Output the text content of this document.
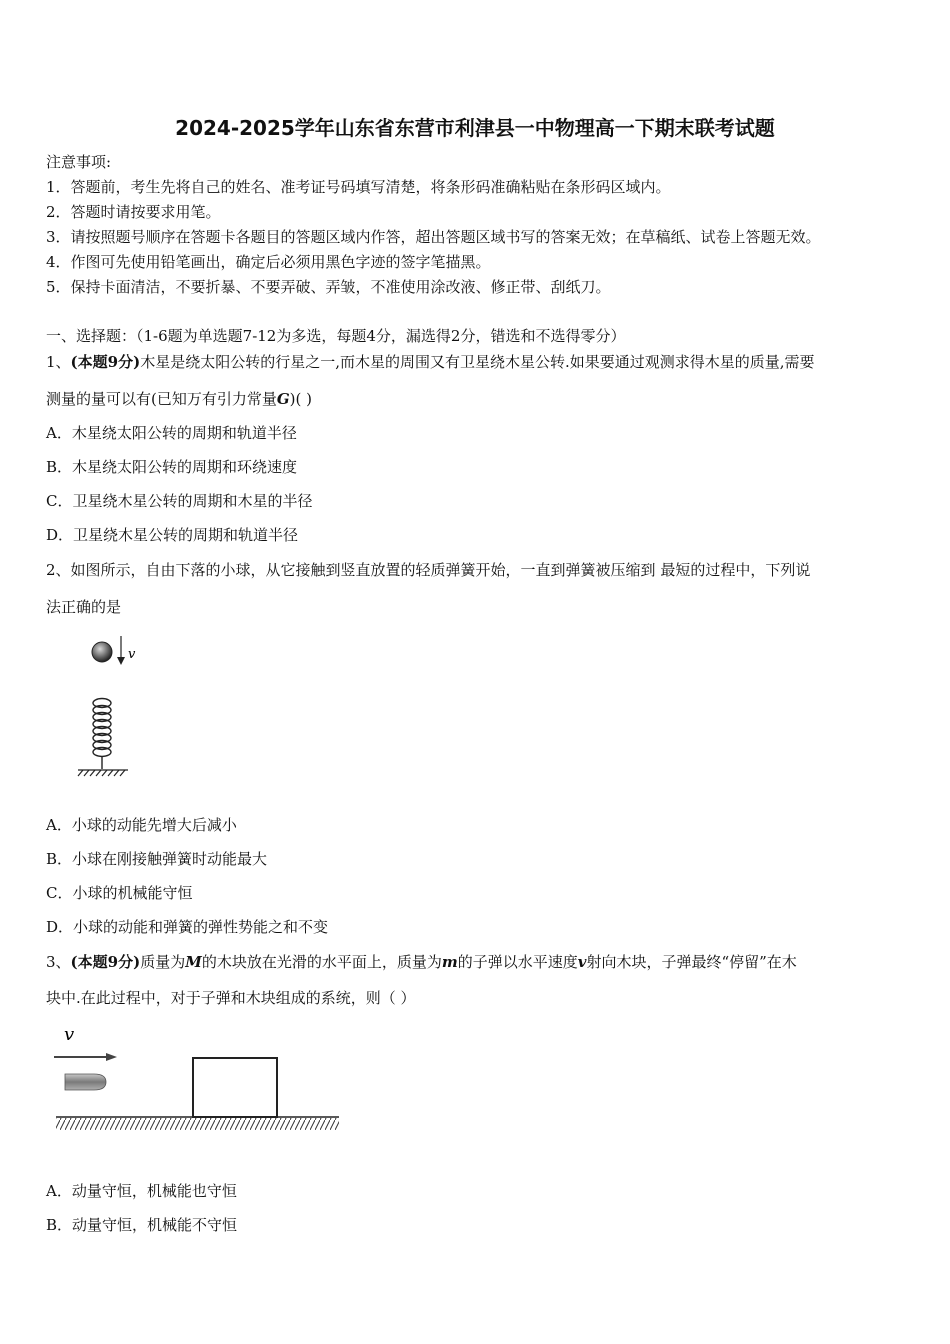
2024-2025学年山东省东营市利津县一中物理高一下期末联考试题
注意事项:
1．答题前，考生先将自己的姓名、准考证号码填写清楚，将条形码准确粘贴在条形码区域内。
2．答题时请按要求用笔。
3．请按照题号顺序在答题卡各题目的答题区域内作答，超出答题区域书写的答案无效；在草稿纸、试卷上答题无效。
4．作图可先使用铅笔画出，确定后必须用黑色字迹的签字笔描黑。
5．保持卡面清洁，不要折暴、不要弄破、弄皱，不准使用涂改液、修正带、刮纸刀。
一、选择题：（1-6题为单选题7-12为多选，每题4分，漏选得2分，错选和不选得零分）
1、(本题9分)木星是绕太阳公转的行星之一,而木星的周围又有卫星绕木星公转.如果要通过观测求得木星的质量,需要
测量的量可以有(已知万有引力常量G)( )
A．木星绕太阳公转的周期和轨道半径
B．木星绕太阳公转的周期和环绕速度
C．卫星绕木星公转的周期和木星的半径
D．卫星绕木星公转的周期和轨道半径
2、如图所示，自由下落的小球，从它接触到竖直放置的轻质弹簧开始，一直到弹簧被压缩到 最短的过程中，下列说
法正确的是
v
A．小球的动能先增大后减小
B．小球在刚接触弹簧时动能最大
C．小球的机械能守恒
D．小球的动能和弹簧的弹性势能之和不变
3、(本题9分)质量为M的木块放在光滑的水平面上，质量为m的子弹以水平速度v射向木块，子弹最终“停留”在木
块中.在此过程中，对于子弹和木块组成的系统，则（ ）
v
A．动量守恒，机械能也守恒
B．动量守恒，机械能不守恒
